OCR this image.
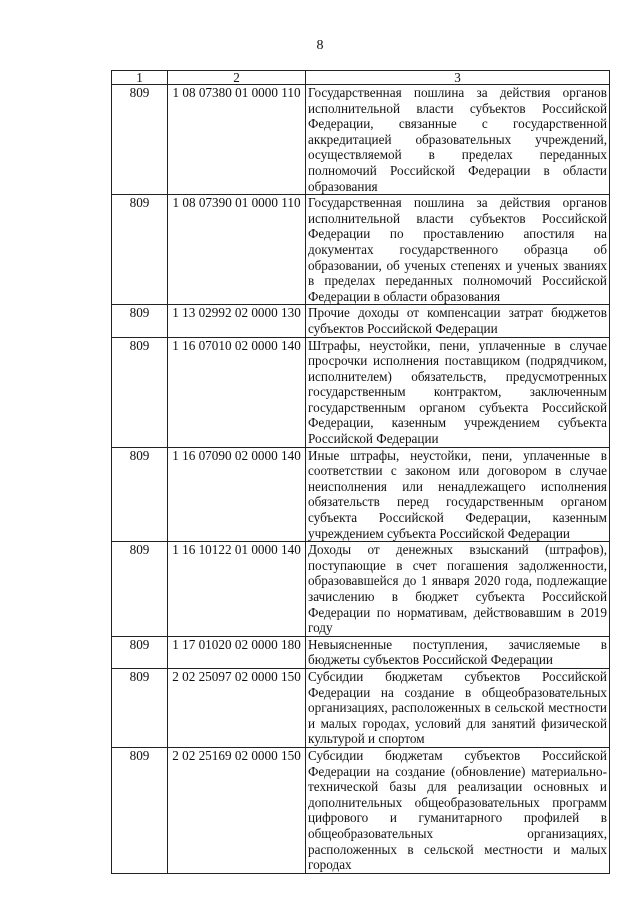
8
1	2	3
809	1 08 07380 01 0000 110	Государственная пошлина за действия органов исполнительной власти субъектов Российской Федерации, связанные с государственной аккредитацией образовательных учреждений, осуществляемой в пределах переданных полномочий Российской Федерации в области образования
809	1 08 07390 01 0000 110	Государственная пошлина за действия органов исполнительной власти субъектов Российской Федерации по проставлению апостиля на документах государственного образца об образовании, об ученых степенях и ученых званиях в пределах переданных полномочий Российской Федерации в области образования
809	1 13 02992 02 0000 130	Прочие доходы от компенсации затрат бюджетов субъектов Российской Федерации
809	1 16 07010 02 0000 140	Штрафы, неустойки, пени, уплаченные в случае просрочки исполнения поставщиком (подрядчиком, исполнителем) обязательств, предусмотренных государственным контрактом, заключенным государственным органом субъекта Российской Федерации, казенным учреждением субъекта Российской Федерации
809	1 16 07090 02 0000 140	Иные штрафы, неустойки, пени, уплаченные в соответствии с законом или договором в случае неисполнения или ненадлежащего исполнения обязательств перед государственным органом субъекта Российской Федерации, казенным учреждением субъекта Российской Федерации
809	1 16 10122 01 0000 140	Доходы от денежных взысканий (штрафов), поступающие в счет погашения задолженности, образовавшейся до 1 января 2020 года, подлежащие зачислению в бюджет субъекта Российской Федерации по нормативам, действовавшим в 2019 году
809	1 17 01020 02 0000 180	Невыясненные поступления, зачисляемые в бюджеты субъектов Российской Федерации
809	2 02 25097 02 0000 150	Субсидии бюджетам субъектов Российской Федерации на создание в общеобразовательных организациях, расположенных в сельской местности и малых городах, условий для занятий физической культурой и спортом
809	2 02 25169 02 0000 150	Субсидии бюджетам субъектов Российской Федерации на создание (обновление) материально-технической базы для реализации основных и дополнительных общеобразовательных программ цифрового и гуманитарного профилей в общеобразовательных организациях, расположенных в сельской местности и малых городах
